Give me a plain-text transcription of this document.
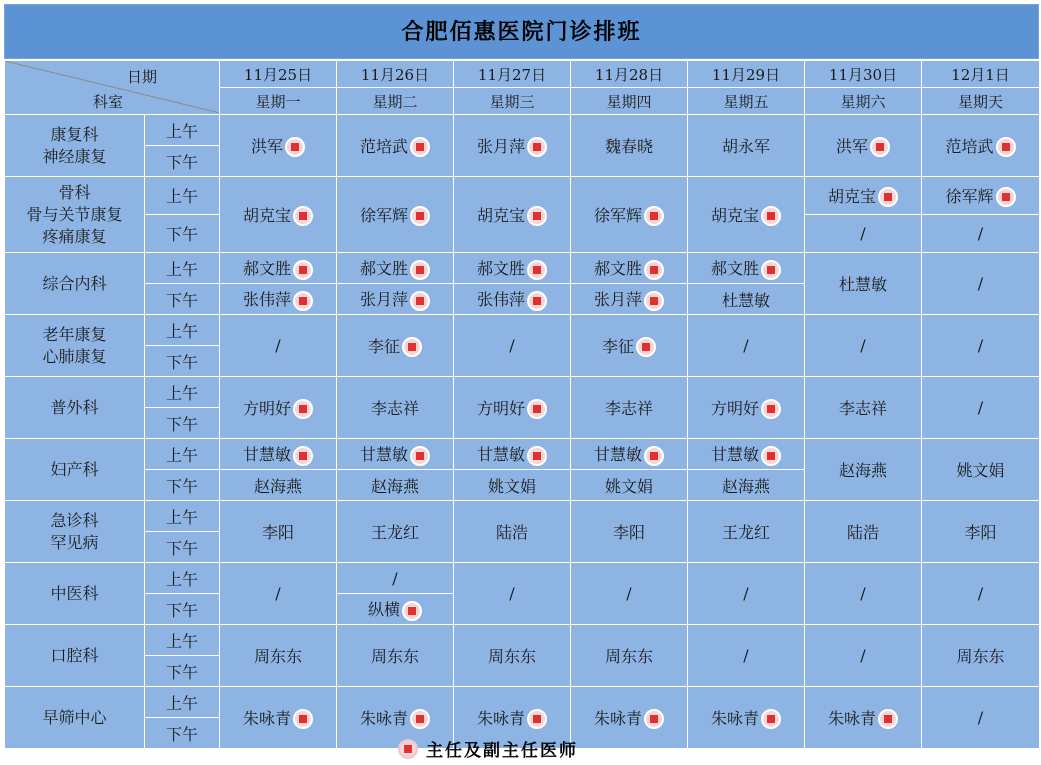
合肥佰惠医院门诊排班
日期
科室		11月25日	11月26日	11月27日	11月28日	11月29日	11月30日	12月1日
		星期一	星期二	星期三	星期四	星期五	星期六	星期天

康复科
神经康复	上午	洪军	范培武	张月萍	魏春晓	胡永军	洪军	范培武
	下午							

骨科
骨与关节康复
疼痛康复	上午	胡克宝	徐军辉	胡克宝	徐军辉	胡克宝	胡克宝	徐军辉
	下午						/	/

综合内科	上午	郝文胜	郝文胜	郝文胜	郝文胜	郝文胜	杜慧敏	/
	下午	张伟萍	张月萍	张伟萍	张月萍	杜慧敏		

老年康复
心肺康复	上午	/	李征	/	李征	/	/	/
	下午							

普外科	上午	方明好	李志祥	方明好	李志祥	方明好	李志祥	/
	下午							

妇产科	上午	甘慧敏	甘慧敏	甘慧敏	甘慧敏	甘慧敏	赵海燕	姚文娟
	下午	赵海燕	赵海燕	姚文娟	姚文娟	赵海燕		

急诊科
罕见病	上午	李阳	王龙红	陆浩	李阳	王龙红	陆浩	李阳
	下午							

中医科	上午	/	/	/	/	/	/	/
	下午		纵横					

口腔科	上午	周东东	周东东	周东东	周东东	/	/	周东东
	下午							

早筛中心	上午	朱咏青	朱咏青	朱咏青	朱咏青	朱咏青	朱咏青	/
	下午							
主任及副主任医师
